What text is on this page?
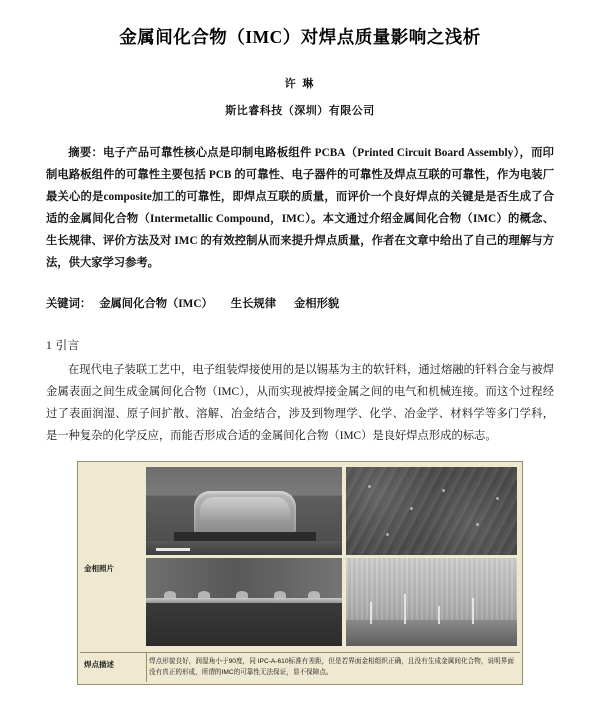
金属间化合物（IMC）对焊点质量影响之浅析
许 琳
斯比睿科技（深圳）有限公司
摘要：电子产品可靠性核心点是印制电路板组件 PCBA（Printed Circuit Board Assembly），而印制电路板组件的可靠性主要包括 PCB 的可靠性、电子器件的可靠性及焊点互联的可靠性，作为电装厂最关心的是composite加工的可靠性，即焊点互联的质量，而评价一个良好焊点的关键是是否生成了合适的金属间化合物（Intermetallic Compound，IMC）。本文通过介绍金属间化合物（IMC）的概念、生长规律、评价方法及对 IMC 的有效控制从而来提升焊点质量，作者在文章中给出了自己的理解与方法，供大家学习参考。
关键词： 金属间化合物（IMC） 生长规律 金相形貌
1 引言
在现代电子装联工艺中，电子组装焊接使用的是以锡基为主的软钎料，通过熔融的钎料合金与被焊金属表面之间生成金属间化合物（IMC），从而实现被焊接金属之间的电气和机械连接。而这个过程经过了表面润湿、原子间扩散、溶解、冶金结合，涉及到物理学、化学、冶金学、材料学等多门学科，是一种复杂的化学反应，而能否形成合适的金属间化合物（IMC）是良好焊点形成的标志。
金相照片
焊点描述	焊点形貌良好，润湿角小于90度，同 IPC-A-610标准有差距，但是若界面金相组织正确，且没有生成金属间化合物，说明界面没有真正的形成，所谓的IMC的可靠性无法保证，显不保障点。
